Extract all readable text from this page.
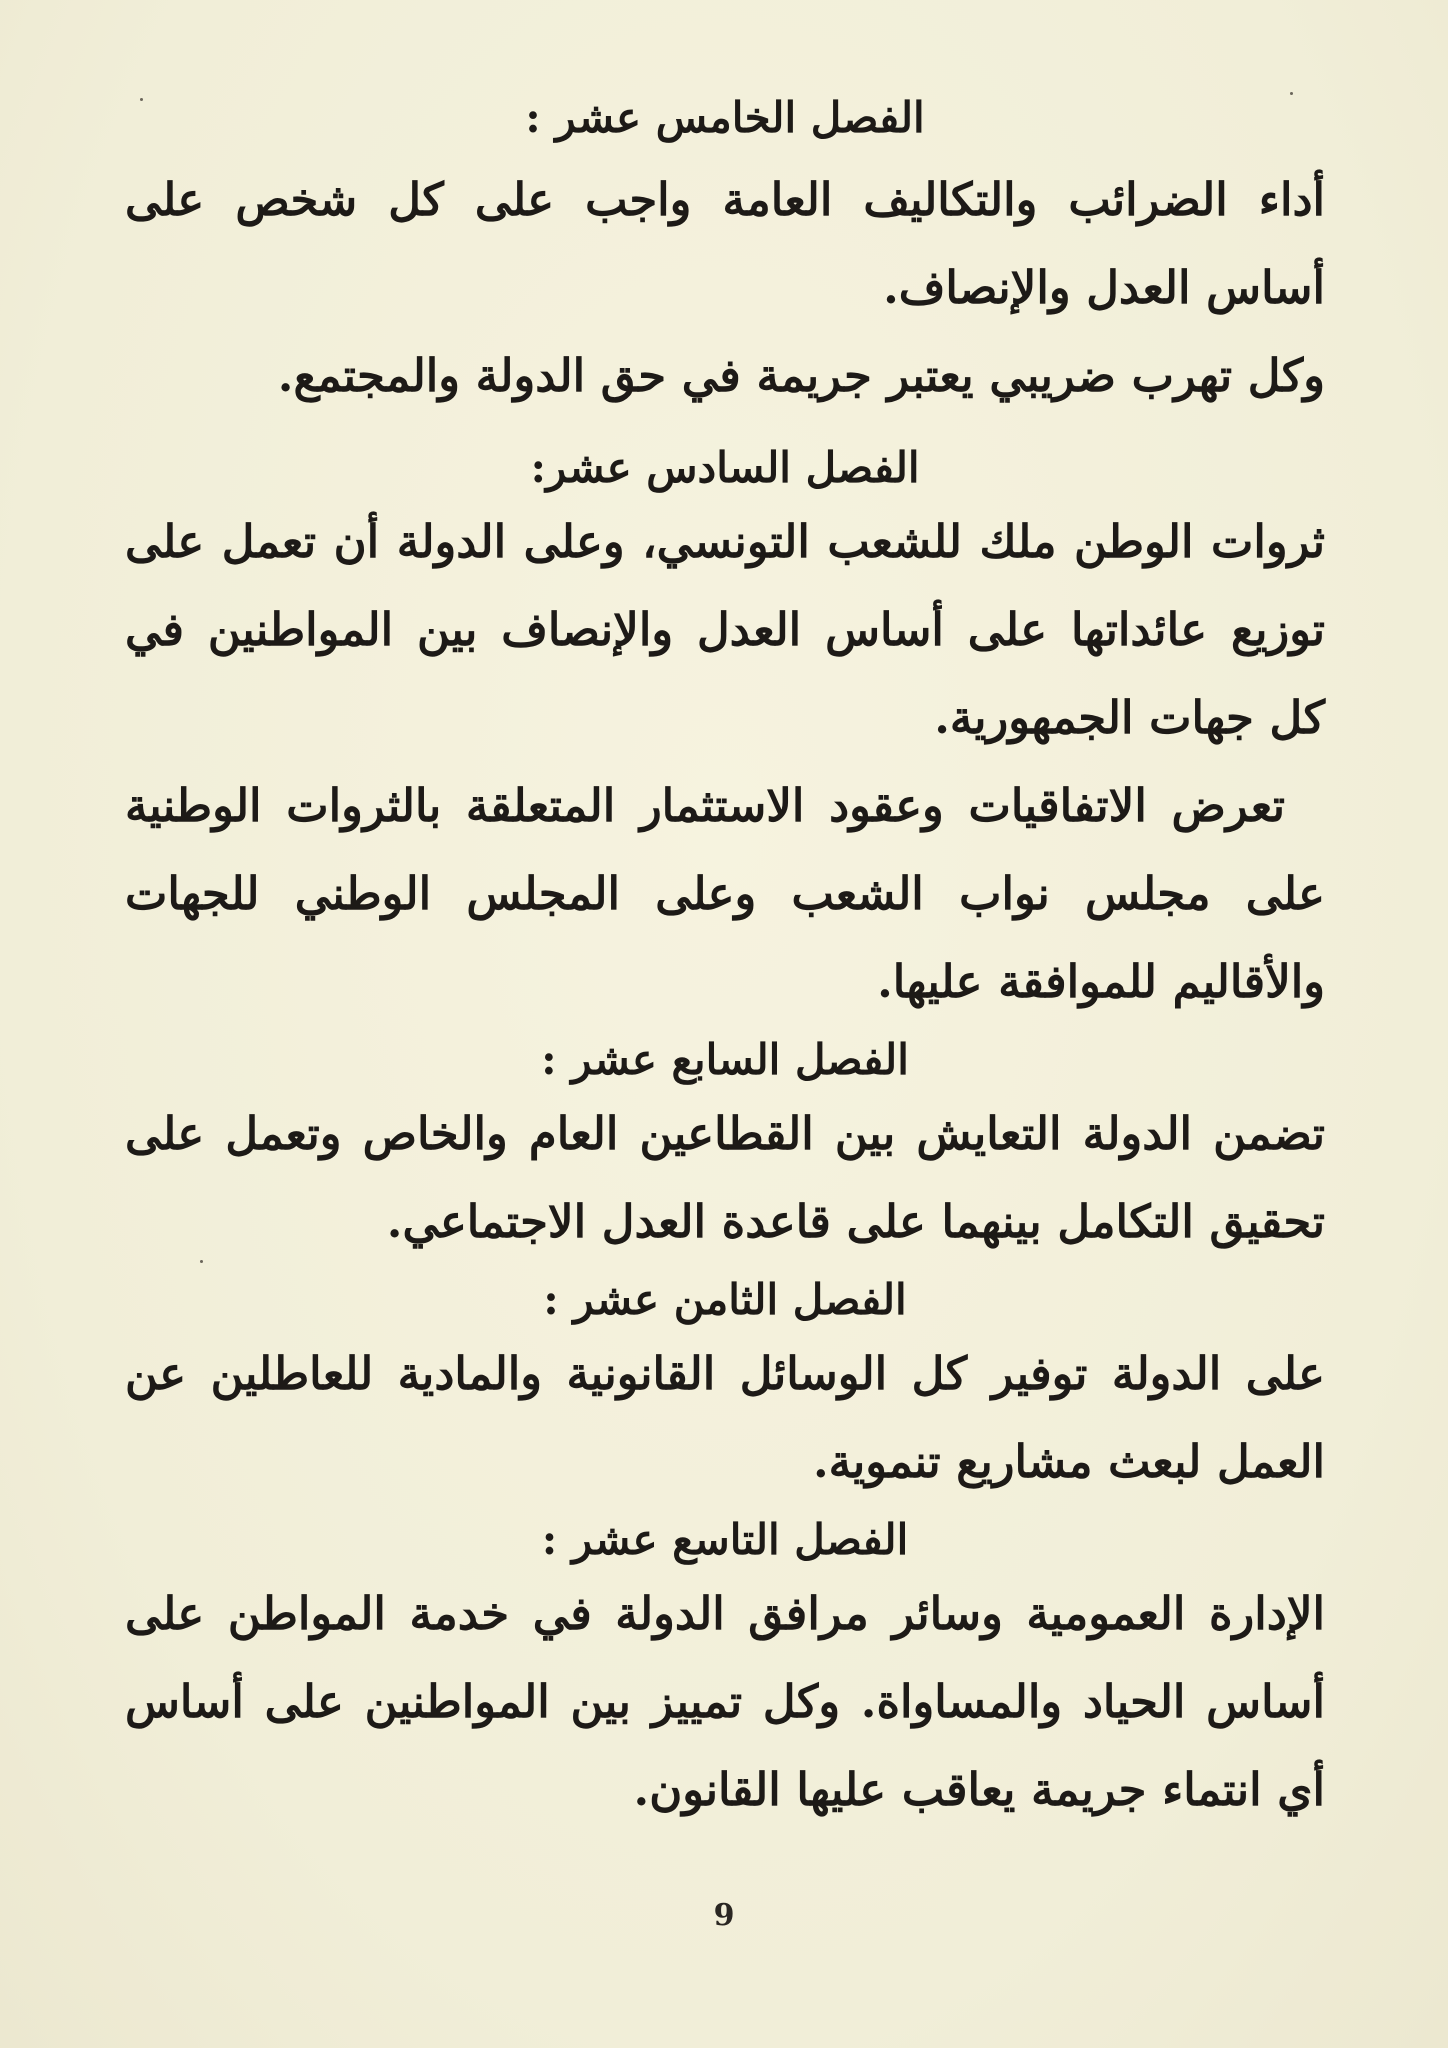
الفصل الخامس عشر :

أداء الضرائب والتكاليف العامة واجب على كل شخص على أساس العدل والإنصاف.

وكل تهرب ضريبي يعتبر جريمة في حق الدولة والمجتمع.

الفصل السادس عشر:

ثروات الوطن ملك للشعب التونسي، وعلى الدولة أن تعمل على توزيع عائداتها على أساس العدل والإنصاف بين المواطنين في كل جهات الجمهورية.

تعرض الاتفاقيات وعقود الاستثمار المتعلقة بالثروات الوطنية على مجلس نواب الشعب وعلى المجلس الوطني للجهات والأقاليم للموافقة عليها.

الفصل السابع عشر :

تضمن الدولة التعايش بين القطاعين العام والخاص وتعمل على تحقيق التكامل بينهما على قاعدة العدل الاجتماعي.

الفصل الثامن عشر :

على الدولة توفير كل الوسائل القانونية والمادية للعاطلين عن العمل لبعث مشاريع تنموية.

الفصل التاسع عشر :

الإدارة العمومية وسائر مرافق الدولة في خدمة المواطن على أساس الحياد والمساواة. وكل تمييز بين المواطنين على أساس أي انتماء جريمة يعاقب عليها القانون.

9
